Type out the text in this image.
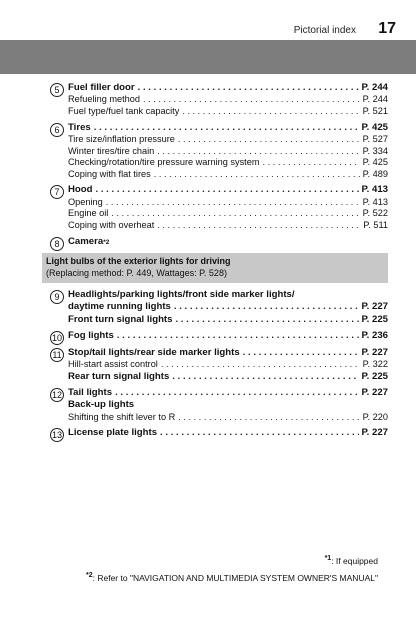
Pictorial index 17
5 Fuel filler door . . .	P. 244
Refueling method . . .	P. 244
Fuel type/fuel tank capacity . . .	P. 521
6 Tires . . .	P. 425
Tire size/inflation pressure . . .	P. 527
Winter tires/tire chain . . .	P. 334
Checking/rotation/tire pressure warning system . . .	P. 425
Coping with flat tires . . .	P. 489
7 Hood . . .	P. 413
Opening . . .	P. 413
Engine oil . . .	P. 522
Coping with overheat . . .	P. 511
8 Camera *2
Light bulbs of the exterior lights for driving
(Replacing method: P. 449, Wattages: P. 528)
9 Headlights/parking lights/front side marker lights/
daytime running lights . . .	P. 227
Front turn signal lights . . .	P. 225
10 Fog lights . . .	P. 236
11 Stop/tail lights/rear side marker lights . . .	P. 227
Hill-start assist control . . .	P. 322
Rear turn signal lights . . .	P. 225
12 Tail lights . . .	P. 227
Back-up lights
Shifting the shift lever to R . . .	P. 220
13 License plate lights . . .	P. 227
$^{*1}$: If equipped
$^{*2}$: Refer to "NAVIGATION AND MULTIMEDIA SYSTEM OWNER'S MANUAL"
